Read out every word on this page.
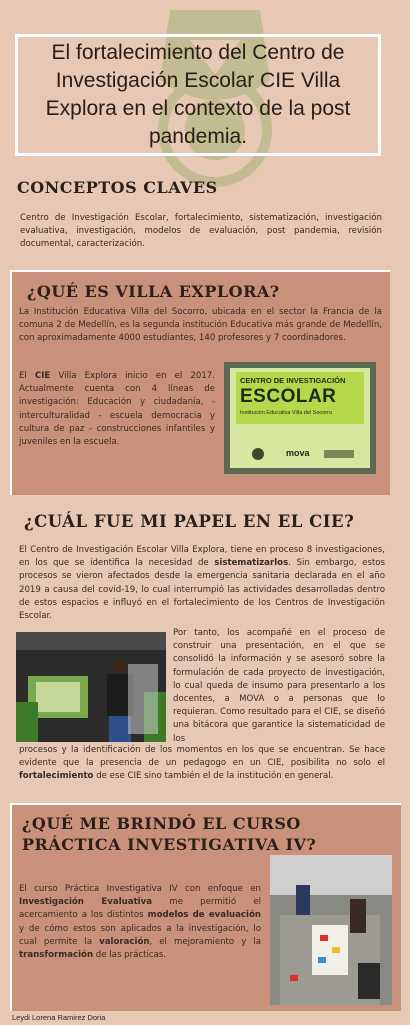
El fortalecimiento del Centro de Investigación Escolar CIE Villa Explora en el contexto de la post pandemia.
CONCEPTOS CLAVES
Centro de Investigación Escolar, fortalecimiento, sistematización, investigación evaluativa, investigación, modelos de evaluación, post pandemia, revisión documental, caracterización.
¿QUÉ ES VILLA EXPLORA?
La Institución Educativa Villa del Socorro, ubicada en el sector la Francia de la comuna 2 de Medellín, es la segunda institución Educativa más grande de Medellín, con aproximadamente 4000 estudiantes, 140 profesores y 7 coordinadores.
El CIE Villa Explora inicio en el 2017. Actualmente cuenta con 4 líneas de investigación: Educación y ciudadanía, -interculturalidad - escuela democracia y cultura de paz - construcciones infantiles y juveniles en la escuela.
CENTRO DE INVESTIGACIÓN
ESCOLAR
Institución Educativa Villa del Socorro
mova
¿CUÁL FUE MI PAPEL EN EL CIE?
El Centro de Investigación Escolar Villa Explora, tiene en proceso 8 investigaciones, en los que se identifica la necesidad de sistematizarlos. Sin embargo, estos procesos se vieron afectados desde la emergencia sanitaria declarada en el año 2019 a causa del covid-19, lo cual interrumpió las actividades desarrolladas dentro de estos espacios e influyó en el fortalecimiento de los Centros de Investigación Escolar.
Por tanto, los acompañé en el proceso de construir una presentación, en el que se consolidó la información y se asesoró sobre la formulación de cada proyecto de investigación, lo cual queda de insumo para presentarlo a los docentes, a MOVA o a personas que lo requieran. Como resultado para el CIE, se diseñó una bitácora que garantice la sistematicidad de los
procesos y la identificación de los momentos en los que se encuentran. Se hace evidente que la presencia de un pedagogo en un CIE, posibilita no solo el fortalecimiento de ese CIE sino también el de la institución en general.
¿QUÉ ME BRINDÓ EL CURSO
PRÁCTICA INVESTIGATIVA IV?
El curso Práctica Investigativa IV con enfoque en Investigación Evaluativa me permitió el acercamiento a los distintos modelos de evaluación y de cómo estos son aplicados a la investigación, lo cual permite la valoración, el mejoramiento y la transformación de las prácticas.
Leydi Lorena Ramirez Doria
